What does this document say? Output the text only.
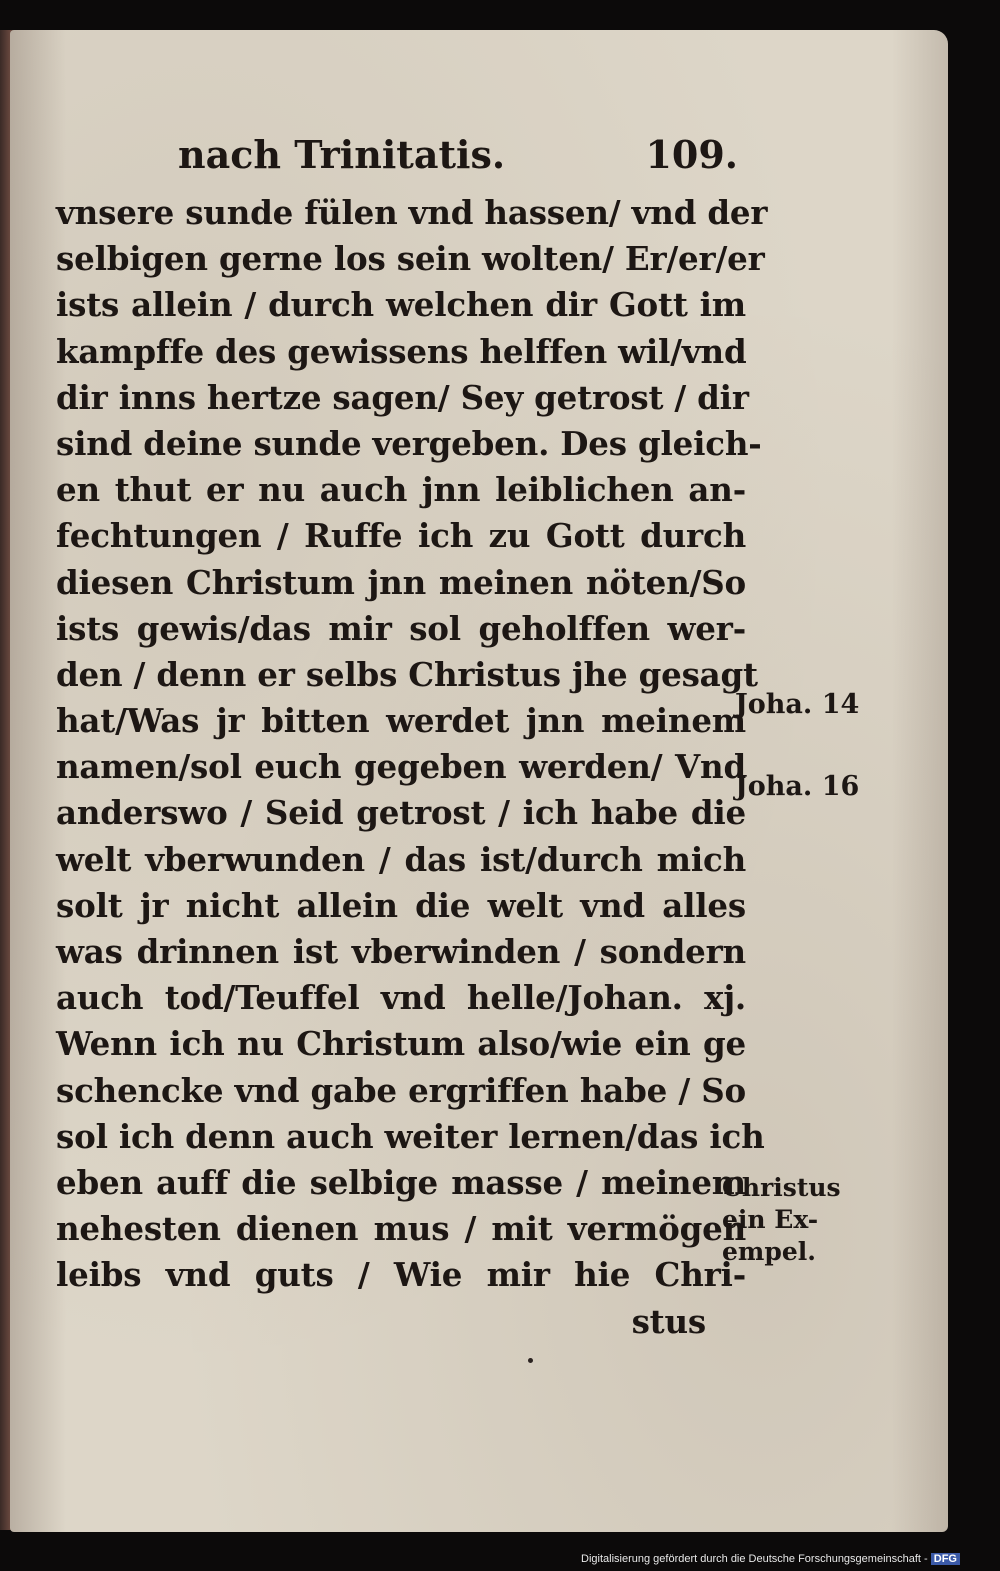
nach Trinitatis.	109.
vnsere sunde fülen vnd hassen/ vnd der
selbigen gerne los sein wolten/ Er/er/er
ists allein / durch welchen dir Gott im
kampffe des gewissens helffen wil/vnd
dir inns hertze sagen/ Sey getrost / dir
sind deine sunde vergeben. Des gleich-
en thut er nu auch jnn leiblichen an-
fechtungen / Ruffe ich zu Gott durch
diesen Christum jnn meinen nöten/So
ists gewis/das mir sol geholffen wer-
den / denn er selbs Christus jhe gesagt
hat/Was jr bitten werdet jnn meinem
namen/sol euch gegeben werden/ Vnd
anderswo / Seid getrost / ich habe die
welt vberwunden / das ist/durch mich
solt jr nicht allein die welt vnd alles
was drinnen ist vberwinden / sondern
auch tod/Teuffel vnd helle/Johan. xj.
Wenn ich nu Christum also/wie ein ge
schencke vnd gabe ergriffen habe / So
sol ich denn auch weiter lernen/das ich
eben auff die selbige masse / meinem
nehesten dienen mus / mit vermögen
leibs vnd guts / Wie mir hie Chri-
stus
Joha. 14
Joha. 16
Christus
ein Ex-
empel.
Digitalisierung gefördert durch die Deutsche Forschungsgemeinschaft - DFG
